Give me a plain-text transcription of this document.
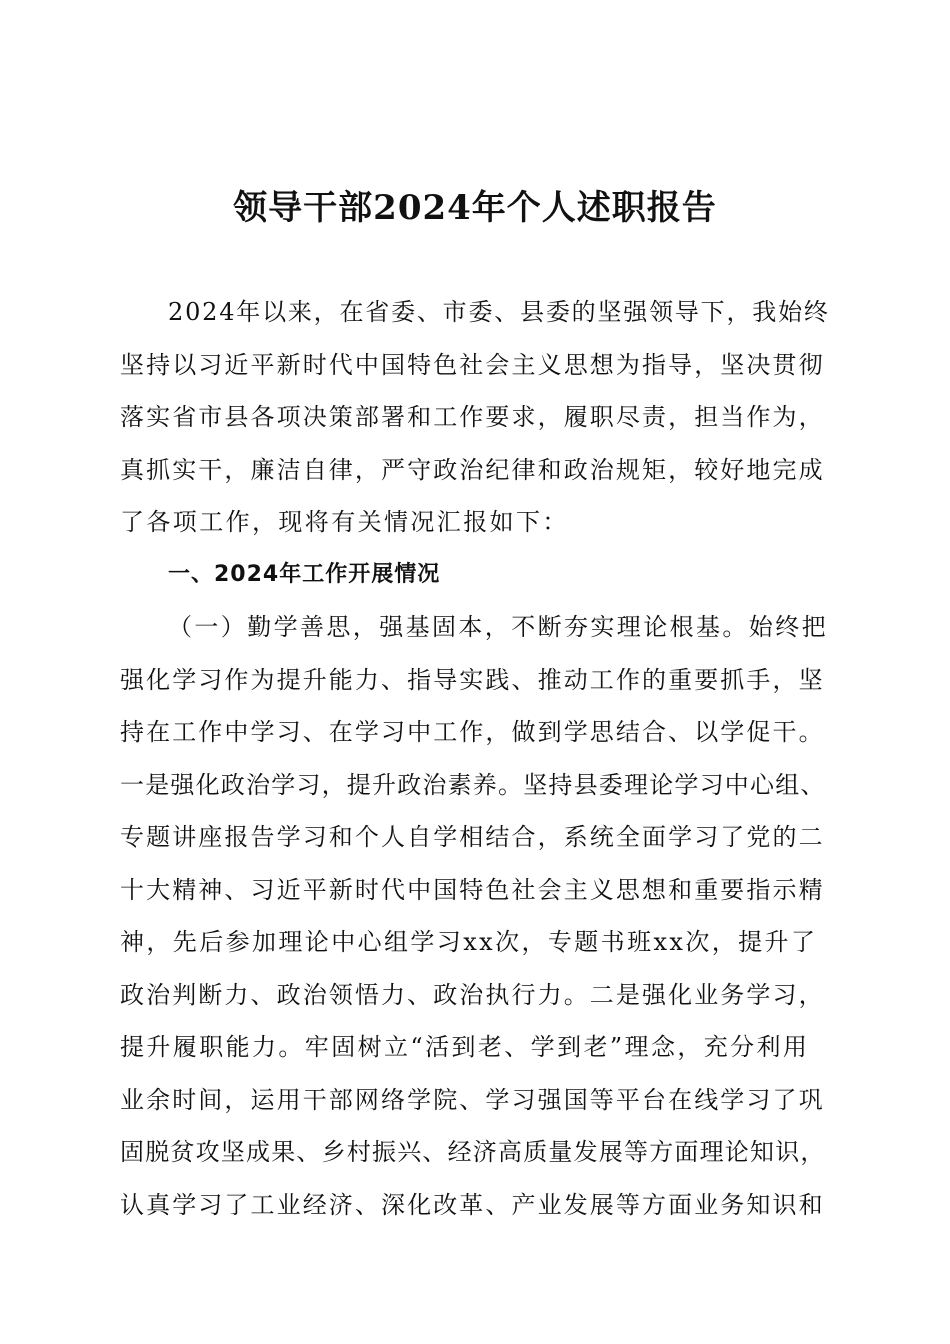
领导干部2024年个人述职报告
2024年以来，在省委、市委、县委的坚强领导下，我始终
坚持以习近平新时代中国特色社会主义思想为指导，坚决贯彻
落实省市县各项决策部署和工作要求，履职尽责，担当作为，
真抓实干，廉洁自律，严守政治纪律和政治规矩，较好地完成
了各项工作，现将有关情况汇报如下：
一、2024年工作开展情况
（一）勤学善思，强基固本，不断夯实理论根基。始终把
强化学习作为提升能力、指导实践、推动工作的重要抓手，坚
持在工作中学习、在学习中工作，做到学思结合、以学促干。
一是强化政治学习，提升政治素养。坚持县委理论学习中心组、
专题讲座报告学习和个人自学相结合，系统全面学习了党的二
十大精神、习近平新时代中国特色社会主义思想和重要指示精
神，先后参加理论中心组学习xx次，专题书班xx次，提升了
政治判断力、政治领悟力、政治执行力。二是强化业务学习，
提升履职能力。牢固树立“活到老、学到老”理念，充分利用
业余时间，运用干部网络学院、学习强国等平台在线学习了巩
固脱贫攻坚成果、乡村振兴、经济高质量发展等方面理论知识，
认真学习了工业经济、深化改革、产业发展等方面业务知识和
